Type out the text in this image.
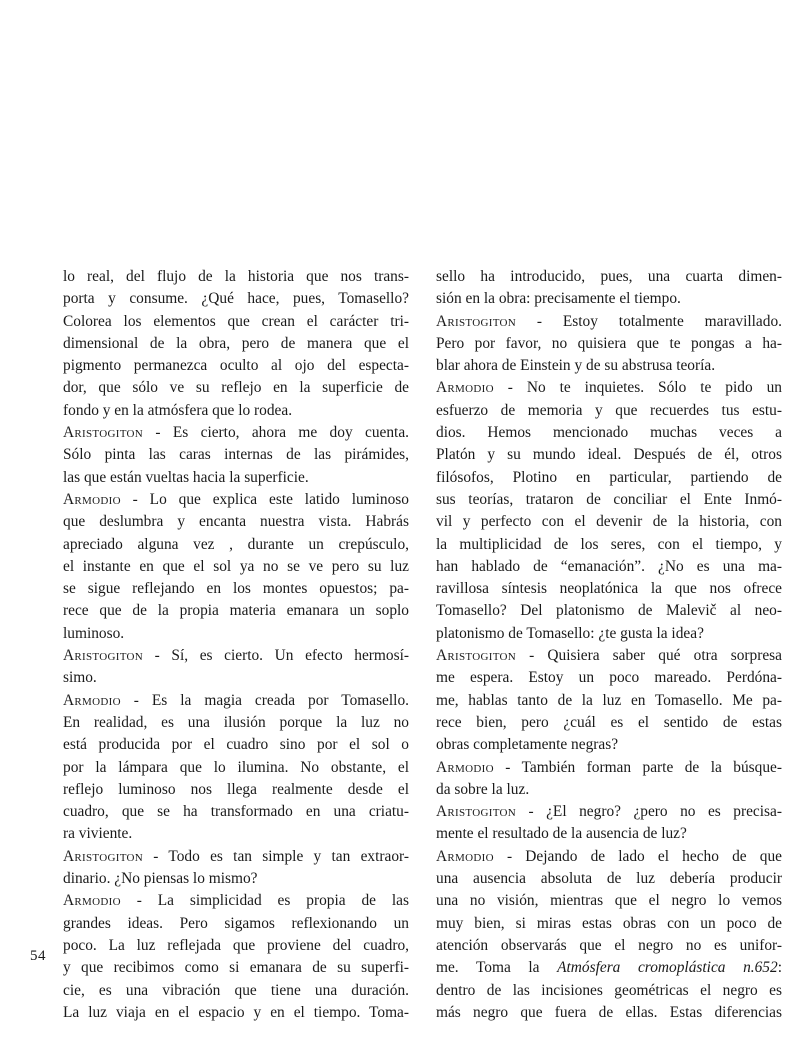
lo real, del flujo de la historia que nos trans-
porta y consume. ¿Qué hace, pues, Tomasello?
Colorea los elementos que crean el carácter tri-
dimensional de la obra, pero de manera que el
pigmento permanezca oculto al ojo del especta-
dor, que sólo ve su reflejo en la superficie de
fondo y en la atmósfera que lo rodea.
Aristogiton - Es cierto, ahora me doy cuenta.
Sólo pinta las caras internas de las pirámides,
las que están vueltas hacia la superficie.
Armodio - Lo que explica este latido luminoso
que deslumbra y encanta nuestra vista. Habrás
apreciado alguna vez , durante un crepúsculo,
el instante en que el sol ya no se ve pero su luz
se sigue reflejando en los montes opuestos; pa-
rece que de la propia materia emanara un soplo
luminoso.
Aristogiton - Sí, es cierto. Un efecto hermosí-
simo.
Armodio - Es la magia creada por Tomasello.
En realidad, es una ilusión porque la luz no
está producida por el cuadro sino por el sol o
por la lámpara que lo ilumina. No obstante, el
reflejo luminoso nos llega realmente desde el
cuadro, que se ha transformado en una criatu-
ra viviente.
Aristogiton - Todo es tan simple y tan extraor-
dinario. ¿No piensas lo mismo?
Armodio - La simplicidad es propia de las
grandes ideas. Pero sigamos reflexionando un
poco. La luz reflejada que proviene del cuadro,
y que recibimos como si emanara de su superfi-
cie, es una vibración que tiene una duración.
La luz viaja en el espacio y en el tiempo. Toma-
sello ha introducido, pues, una cuarta dimen-
sión en la obra: precisamente el tiempo.
Aristogiton - Estoy totalmente maravillado.
Pero por favor, no quisiera que te pongas a ha-
blar ahora de Einstein y de su abstrusa teoría.
Armodio - No te inquietes. Sólo te pido un
esfuerzo de memoria y que recuerdes tus estu-
dios. Hemos mencionado muchas veces a
Platón y su mundo ideal. Después de él, otros
filósofos, Plotino en particular, partiendo de
sus teorías, trataron de conciliar el Ente Inmó-
vil y perfecto con el devenir de la historia, con
la multiplicidad de los seres, con el tiempo, y
han hablado de “emanación”. ¿No es una ma-
ravillosa síntesis neoplatónica la que nos ofrece
Tomasello? Del platonismo de Malevič al neo-
platonismo de Tomasello: ¿te gusta la idea?
Aristogiton - Quisiera saber qué otra sorpresa
me espera. Estoy un poco mareado. Perdóna-
me, hablas tanto de la luz en Tomasello. Me pa-
rece bien, pero ¿cuál es el sentido de estas
obras completamente negras?
Armodio - También forman parte de la búsque-
da sobre la luz.
Aristogiton - ¿El negro? ¿pero no es precisa-
mente el resultado de la ausencia de luz?
Armodio - Dejando de lado el hecho de que
una ausencia absoluta de luz debería producir
una no visión, mientras que el negro lo vemos
muy bien, si miras estas obras con un poco de
atención observarás que el negro no es unifor-
me. Toma la Atmósfera cromoplástica n.652:
dentro de las incisiones geométricas el negro es
más negro que fuera de ellas. Estas diferencias
54
